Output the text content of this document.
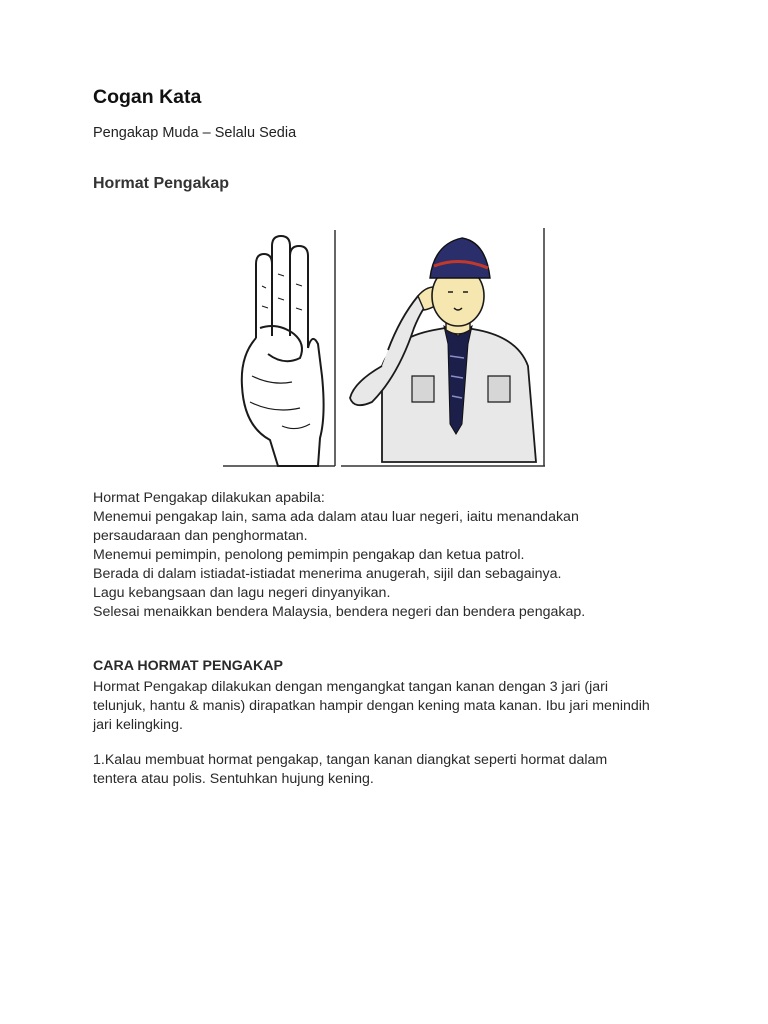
Cogan Kata
Pengakap Muda – Selalu Sedia
Hormat Pengakap

Hormat Pengakap dilakukan apabila:

Menemui pengakap lain, sama ada dalam atau luar negeri, iaitu menandakan persaudaraan dan penghormatan.

Menemui pemimpin, penolong pemimpin pengakap dan ketua patrol.

Berada di dalam istiadat-istiadat menerima anugerah, sijil dan sebagainya.

Lagu kebangsaan dan lagu negeri dinyanyikan.

Selesai menaikkan bendera Malaysia, bendera negeri dan bendera pengakap.

CARA HORMAT PENGAKAP

Hormat Pengakap dilakukan dengan mengangkat tangan kanan dengan 3 jari (jari telunjuk, hantu & manis) dirapatkan hampir dengan kening mata kanan. Ibu jari menindih jari kelingking.

1.Kalau membuat hormat pengakap, tangan kanan diangkat seperti hormat dalam tentera atau polis. Sentuhkan hujung kening.
